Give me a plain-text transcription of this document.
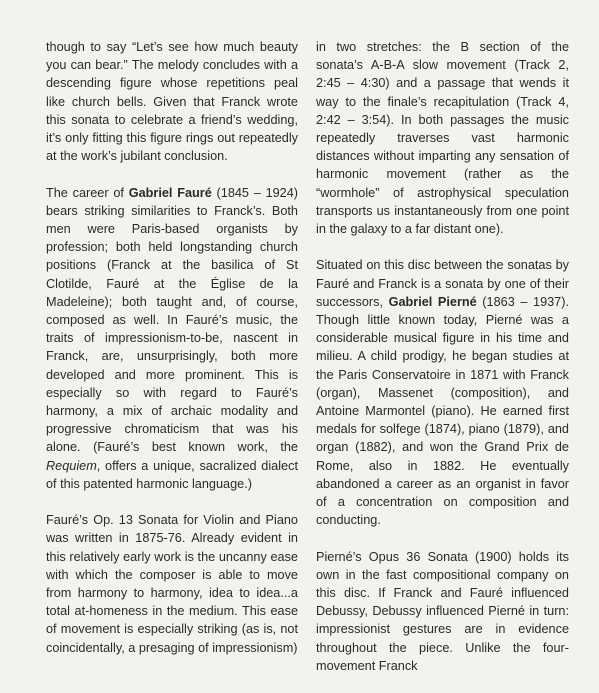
though to say “Let’s see how much beauty you can bear.” The melody concludes with a descending figure whose repetitions peal like church bells. Given that Franck wrote this sonata to celebrate a friend’s wedding, it’s only fitting this figure rings out repeatedly at the work’s jubilant conclusion.

The career of Gabriel Fauré (1845 – 1924) bears striking similarities to Franck’s. Both men were Paris-based organists by profession; both held longstanding church positions (Franck at the basilica of St Clotilde, Fauré at the Église de la Madeleine); both taught and, of course, composed as well. In Fauré’s music, the traits of impressionism-to-be, nascent in Franck, are, unsurprisingly, both more developed and more prominent. This is especially so with regard to Fauré’s harmony, a mix of archaic modality and progressive chromaticism that was his alone. (Fauré’s best known work, the Requiem, offers a unique, sacralized dialect of this patented harmonic language.)

Fauré’s Op. 13 Sonata for Violin and Piano was written in 1875-76. Already evident in this relatively early work is the uncanny ease with which the composer is able to move from harmony to harmony, idea to idea...a total at-homeness in the medium. This ease of movement is especially striking (as is, not coincidentally, a presaging of impressionism)

in two stretches: the B section of the sonata’s A-B-A slow movement (Track 2, 2:45 – 4:30) and a passage that wends it way to the finale’s recapitulation (Track 4, 2:42 – 3:54). In both passages the music repeatedly traverses vast harmonic distances without imparting any sensation of harmonic movement (rather as the “wormhole” of astrophysical speculation transports us instantaneously from one point in the galaxy to a far distant one).

Situated on this disc between the sonatas by Fauré and Franck is a sonata by one of their successors, Gabriel Pierné (1863 – 1937). Though little known today, Pierné was a considerable musical figure in his time and milieu. A child prodigy, he began studies at the Paris Conservatoire in 1871 with Franck (organ), Massenet (composition), and Antoine Marmontel (piano). He earned first medals for solfege (1874), piano (1879), and organ (1882), and won the Grand Prix de Rome, also in 1882. He eventually abandoned a career as an organist in favor of a concentration on composition and conducting.

Pierné’s Opus 36 Sonata (1900) holds its own in the fast compositional company on this disc. If Franck and Fauré influenced Debussy, Debussy influenced Pierné in turn: impressionist gestures are in evidence throughout the piece. Unlike the four-movement Franck
